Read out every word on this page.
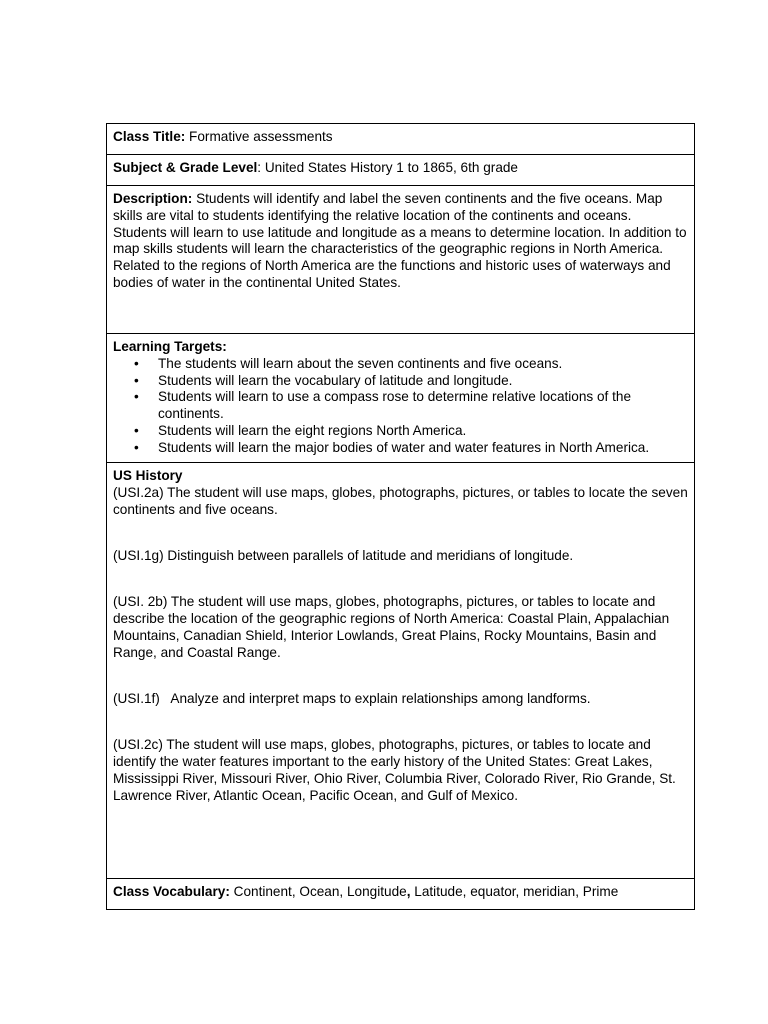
Class Title: Formative assessments
Subject & Grade Level: United States History 1 to 1865, 6th grade
Description: Students will identify and label the seven continents and the five oceans. Map skills are vital to students identifying the relative location of the continents and oceans. Students will learn to use latitude and longitude as a means to determine location. In addition to map skills students will learn the characteristics of the geographic regions in North America. Related to the regions of North America are the functions and historic uses of waterways and bodies of water in the continental United States.
Learning Targets:
• The students will learn about the seven continents and five oceans.
• Students will learn the vocabulary of latitude and longitude.
• Students will learn to use a compass rose to determine relative locations of the continents.
• Students will learn the eight regions North America.
• Students will learn the major bodies of water and water features in North America.

US History

(USI.2a) The student will use maps, globes, photographs, pictures, or tables to locate the seven continents and five oceans.

(USI.1g) Distinguish between parallels of latitude and meridians of longitude.

(USI. 2b) The student will use maps, globes, photographs, pictures, or tables to locate and describe the location of the geographic regions of North America: Coastal Plain, Appalachian Mountains, Canadian Shield, Interior Lowlands, Great Plains, Rocky Mountains, Basin and Range, and Coastal Range.

(USI.1f)   Analyze and interpret maps to explain relationships among landforms.

(USI.2c) The student will use maps, globes, photographs, pictures, or tables to locate and identify the water features important to the early history of the United States: Great Lakes, Mississippi River, Missouri River, Ohio River, Columbia River, Colorado River, Rio Grande, St. Lawrence River, Atlantic Ocean, Pacific Ocean, and Gulf of Mexico.

Class Vocabulary: Continent, Ocean, Longitude, Latitude, equator, meridian, Prime
